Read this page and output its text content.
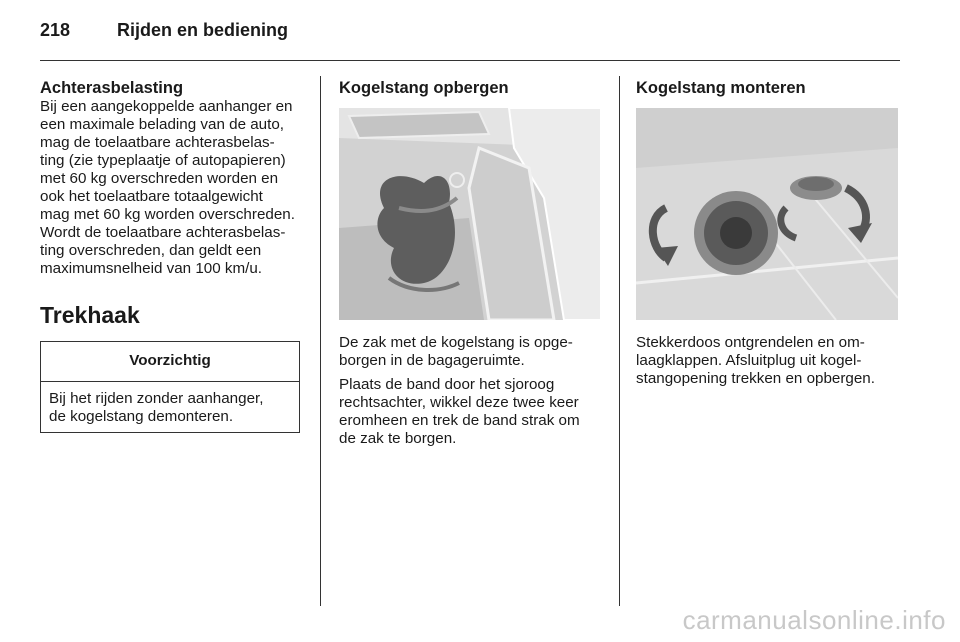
218	Rijden en bediening
Achterasbelasting
Bij een aangekoppelde aanhanger en
een maximale belading van de auto,
mag de toelaatbare achterasbelas-
ting (zie typeplaatje of autopapieren)
met 60 kg overschreden worden en
ook het toelaatbare totaalgewicht
mag met 60 kg worden overschreden.
Wordt de toelaatbare achterasbelas-
ting overschreden, dan geldt een
maximumsnelheid van 100 km/u.
Trekhaak
Voorzichtig
Bij het rijden zonder aanhanger,
de kogelstang demonteren.
Kogelstang opbergen
De zak met de kogelstang is opge-
borgen in de bagageruimte.
Plaats de band door het sjoroog
rechtsachter, wikkel deze twee keer
eromheen en trek de band strak om
de zak te borgen.
Kogelstang monteren
Stekkerdoos ontgrendelen en om-
laagklappen. Afsluitplug uit kogel-
stangopening trekken en opbergen.
carmanualsonline.info
